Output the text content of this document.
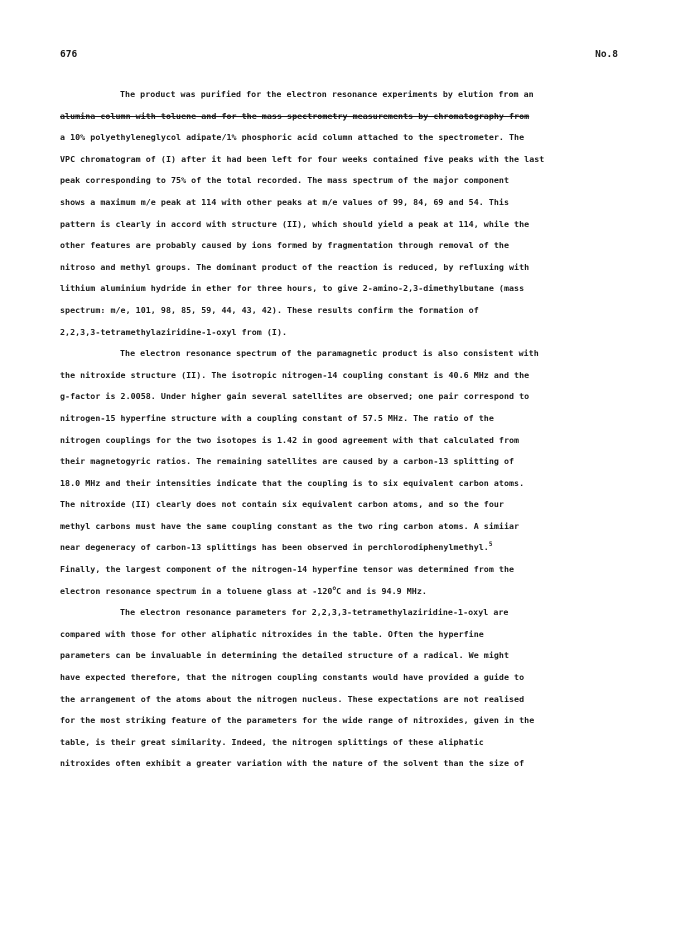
676	No.8
The product was purified for the electron resonance experiments by elution from an
alumina column with toluene and for the mass spectrometry measurements by chromatography from
a 10% polyethyleneglycol adipate/1% phosphoric acid column attached to the spectrometer. The
VPC chromatogram of (I) after it had been left for four weeks contained five peaks with the last
peak corresponding to 75% of the total recorded. The mass spectrum of the major component
shows a maximum m/e peak at 114 with other peaks at m/e values of 99, 84, 69 and 54. This
pattern is clearly in accord with structure (II), which should yield a peak at 114, while the
other features are probably caused by ions formed by fragmentation through removal of the
nitroso and methyl groups. The dominant product of the reaction is reduced, by refluxing with
lithium aluminium hydride in ether for three hours, to give 2-amino-2,3-dimethylbutane (mass
spectrum: m/e, 101, 98, 85, 59, 44, 43, 42). These results confirm the formation of
2,2,3,3-tetramethylaziridine-1-oxyl from (I).
The electron resonance spectrum of the paramagnetic product is also consistent with
the nitroxide structure (II). The isotropic nitrogen-14 coupling constant is 40.6 MHz and the
g-factor is 2.0058. Under higher gain several satellites are observed; one pair correspond to
nitrogen-15 hyperfine structure with a coupling constant of 57.5 MHz. The ratio of the
nitrogen couplings for the two isotopes is 1.42 in good agreement with that calculated from
their magnetogyric ratios. The remaining satellites are caused by a carbon-13 splitting of
18.0 MHz and their intensities indicate that the coupling is to six equivalent carbon atoms.
The nitroxide (II) clearly does not contain six equivalent carbon atoms, and so the four
methyl carbons must have the same coupling constant as the two ring carbon atoms. A simiiar
near degeneracy of carbon-13 splittings has been observed in perchlorodiphenylmethyl.$^5$
Finally, the largest component of the nitrogen-14 hyperfine tensor was determined from the
electron resonance spectrum in a toluene glass at -120$^o$C and is 94.9 MHz.
The electron resonance parameters for 2,2,3,3-tetramethylaziridine-1-oxyl are
compared with those for other aliphatic nitroxides in the table. Often the hyperfine
parameters can be invaluable in determining the detailed structure of a radical. We might
have expected therefore, that the nitrogen coupling constants would have provided a guide to
the arrangement of the atoms about the nitrogen nucleus. These expectations are not realised
for the most striking feature of the parameters for the wide range of nitroxides, given in the
table, is their great similarity. Indeed, the nitrogen splittings of these aliphatic
nitroxides often exhibit a greater variation with the nature of the solvent than the size of
